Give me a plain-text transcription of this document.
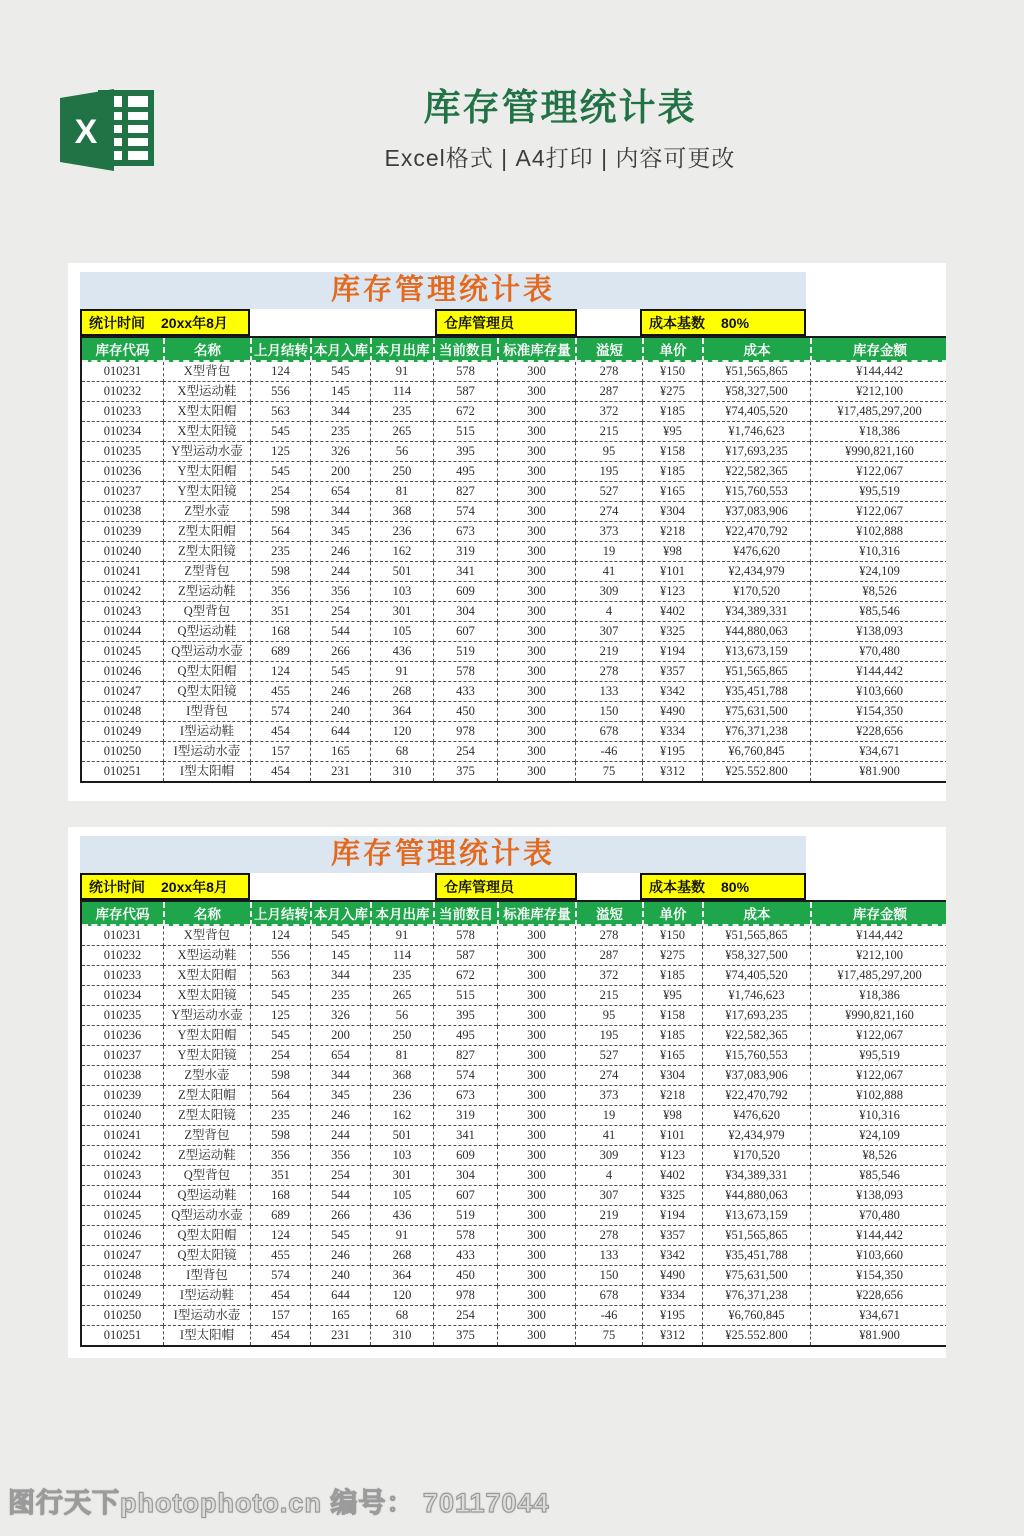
X
库存管理统计表

Excel格式 | A4打印 | 内容可更改

库存管理统计表
统计时间 20xx年8月	仓库管理员	成本基数 80%
库存代码	名称	上月结转	本月入库	本月出库	当前数目	标准库存量	溢短	单价	成本	库存金额
010231	X型背包	124	545	91	578	300	278	¥150	¥51,565,865	¥144,442
010232	X型运动鞋	556	145	114	587	300	287	¥275	¥58,327,500	¥212,100
010233	X型太阳帽	563	344	235	672	300	372	¥185	¥74,405,520	¥17,485,297,200
010234	X型太阳镜	545	235	265	515	300	215	¥95	¥1,746,623	¥18,386
010235	Y型运动水壶	125	326	56	395	300	95	¥158	¥17,693,235	¥990,821,160
010236	Y型太阳帽	545	200	250	495	300	195	¥185	¥22,582,365	¥122,067
010237	Y型太阳镜	254	654	81	827	300	527	¥165	¥15,760,553	¥95,519
010238	Z型水壶	598	344	368	574	300	274	¥304	¥37,083,906	¥122,067
010239	Z型太阳帽	564	345	236	673	300	373	¥218	¥22,470,792	¥102,888
010240	Z型太阳镜	235	246	162	319	300	19	¥98	¥476,620	¥10,316
010241	Z型背包	598	244	501	341	300	41	¥101	¥2,434,979	¥24,109
010242	Z型运动鞋	356	356	103	609	300	309	¥123	¥170,520	¥8,526
010243	Q型背包	351	254	301	304	300	4	¥402	¥34,389,331	¥85,546
010244	Q型运动鞋	168	544	105	607	300	307	¥325	¥44,880,063	¥138,093
010245	Q型运动水壶	689	266	436	519	300	219	¥194	¥13,673,159	¥70,480
010246	Q型太阳帽	124	545	91	578	300	278	¥357	¥51,565,865	¥144,442
010247	Q型太阳镜	455	246	268	433	300	133	¥342	¥35,451,788	¥103,660
010248	I型背包	574	240	364	450	300	150	¥490	¥75,631,500	¥154,350
010249	I型运动鞋	454	644	120	978	300	678	¥334	¥76,371,238	¥228,656
010250	I型运动水壶	157	165	68	254	300	-46	¥195	¥6,760,845	¥34,671
010251	I型太阳帽	454	231	310	375	300	75	¥312	¥25.552.800	¥81.900
库存管理统计表
统计时间 20xx年8月	仓库管理员	成本基数 80%
库存代码	名称	上月结转	本月入库	本月出库	当前数目	标准库存量	溢短	单价	成本	库存金额
010231	X型背包	124	545	91	578	300	278	¥150	¥51,565,865	¥144,442
010232	X型运动鞋	556	145	114	587	300	287	¥275	¥58,327,500	¥212,100
010233	X型太阳帽	563	344	235	672	300	372	¥185	¥74,405,520	¥17,485,297,200
010234	X型太阳镜	545	235	265	515	300	215	¥95	¥1,746,623	¥18,386
010235	Y型运动水壶	125	326	56	395	300	95	¥158	¥17,693,235	¥990,821,160
010236	Y型太阳帽	545	200	250	495	300	195	¥185	¥22,582,365	¥122,067
010237	Y型太阳镜	254	654	81	827	300	527	¥165	¥15,760,553	¥95,519
010238	Z型水壶	598	344	368	574	300	274	¥304	¥37,083,906	¥122,067
010239	Z型太阳帽	564	345	236	673	300	373	¥218	¥22,470,792	¥102,888
010240	Z型太阳镜	235	246	162	319	300	19	¥98	¥476,620	¥10,316
010241	Z型背包	598	244	501	341	300	41	¥101	¥2,434,979	¥24,109
010242	Z型运动鞋	356	356	103	609	300	309	¥123	¥170,520	¥8,526
010243	Q型背包	351	254	301	304	300	4	¥402	¥34,389,331	¥85,546
010244	Q型运动鞋	168	544	105	607	300	307	¥325	¥44,880,063	¥138,093
010245	Q型运动水壶	689	266	436	519	300	219	¥194	¥13,673,159	¥70,480
010246	Q型太阳帽	124	545	91	578	300	278	¥357	¥51,565,865	¥144,442
010247	Q型太阳镜	455	246	268	433	300	133	¥342	¥35,451,788	¥103,660
010248	I型背包	574	240	364	450	300	150	¥490	¥75,631,500	¥154,350
010249	I型运动鞋	454	644	120	978	300	678	¥334	¥76,371,238	¥228,656
010250	I型运动水壶	157	165	68	254	300	-46	¥195	¥6,760,845	¥34,671
010251	I型太阳帽	454	231	310	375	300	75	¥312	¥25.552.800	¥81.900
图行天下photophoto.cn 编号： 70117044
